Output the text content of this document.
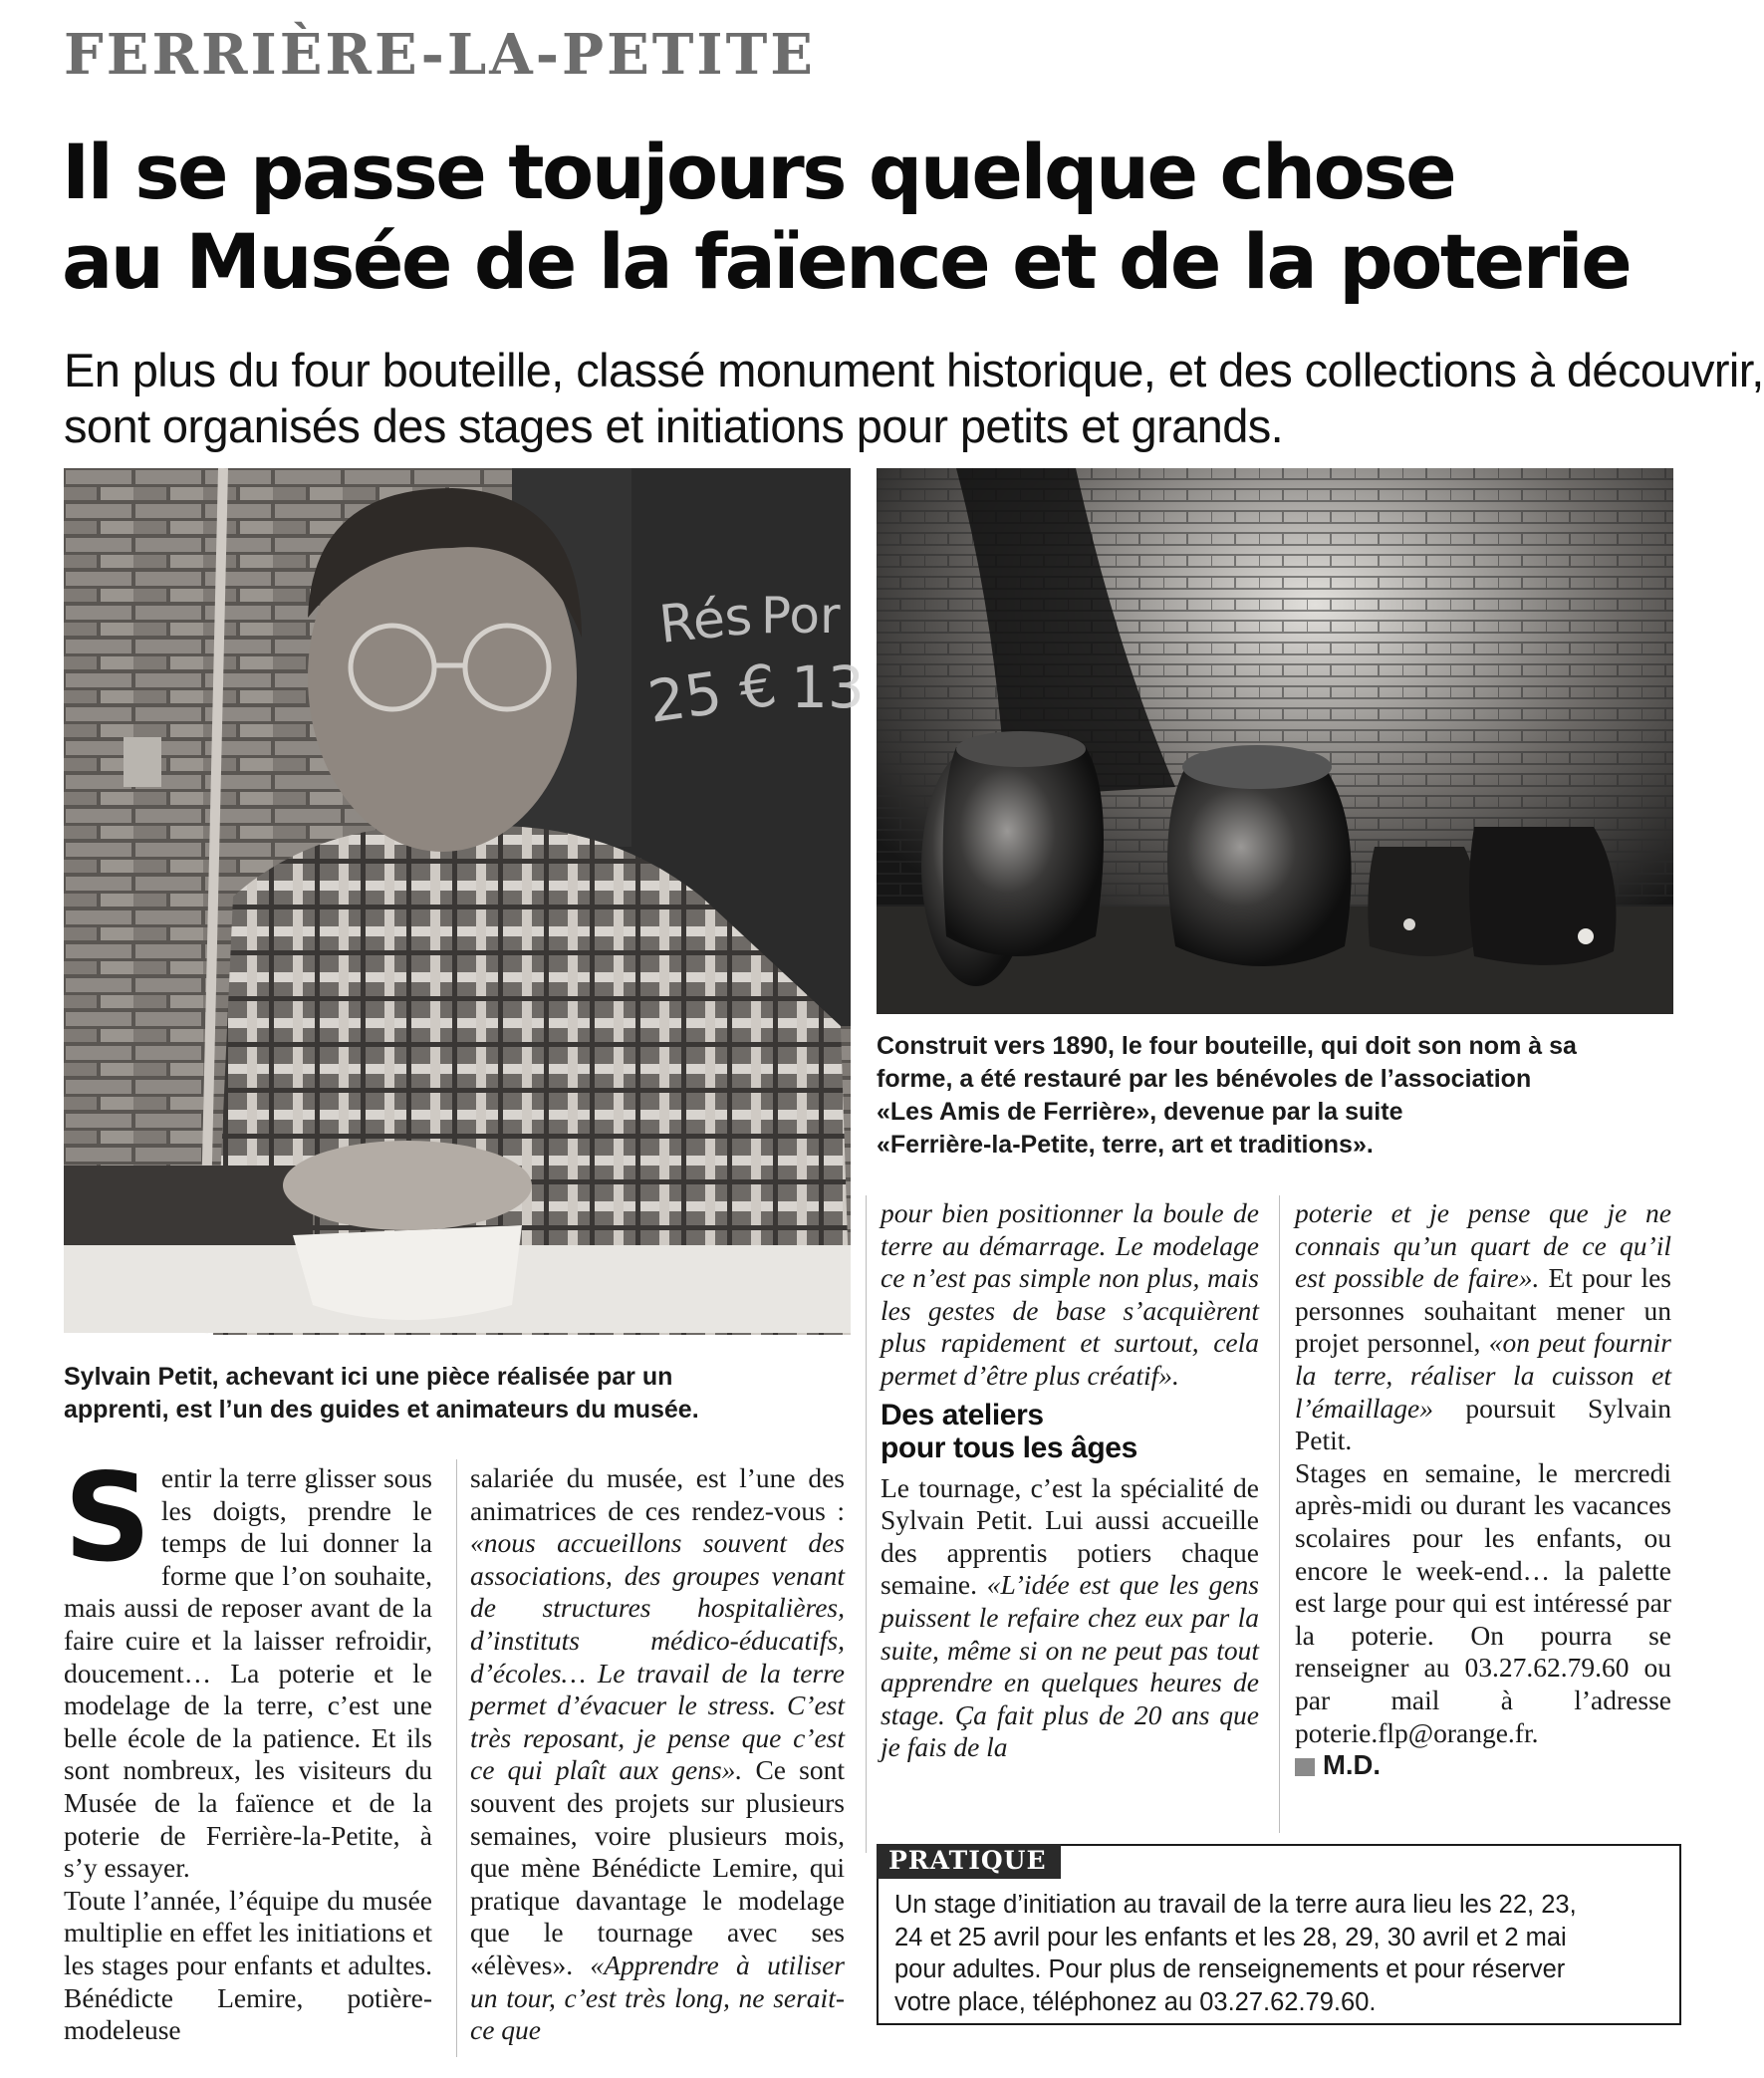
FERRIÈRE-LA-PETITE
Il se passe toujours quelque chose
au Musée de la faïence et de la poterie
En plus du four bouteille, classé monument historique, et des collections à découvrir,
sont organisés des stages et initiations pour petits et grands.
Rés
25 €
Por
13
Sylvain Petit, achevant ici une pièce réalisée par un
apprenti, est l’un des guides et animateurs du musée.
Construit vers 1890, le four bouteille, qui doit son nom à sa
forme, a été restauré par les bénévoles de l’association
«Les Amis de Ferrière», devenue par la suite
«Ferrière-la-Petite, terre, art et traditions».

Sentir la terre glisser sous les doigts, prendre le temps de lui donner la forme que l’on souhaite, mais aussi de reposer avant de la faire cuire et la laisser refroidir, doucement… La poterie et le modelage de la terre, c’est une belle école de la patience. Et ils sont nombreux, les visiteurs du Musée de la faïence et de la poterie de Ferrière-la-Petite, à s’y essayer.

Toute l’année, l’équipe du musée multiplie en effet les initiations et les stages pour enfants et adultes. Bénédicte Lemire, potière-modeleuse

salariée du musée, est l’une des animatrices de ces rendez-vous : «nous accueillons souvent des associations, des groupes venant de structures hospitalières, d’instituts médico-éducatifs, d’écoles… Le travail de la terre permet d’évacuer le stress. C’est très reposant, je pense que c’est ce qui plaît aux gens». Ce sont souvent des projets sur plusieurs semaines, voire plusieurs mois, que mène Bénédicte Lemire, qui pratique davantage le modelage que le tournage avec ses «élèves». «Apprendre à utiliser un tour, c’est très long, ne serait-ce que

pour bien positionner la boule de terre au démarrage. Le modelage ce n’est pas simple non plus, mais les gestes de base s’acquièrent plus rapidement et surtout, cela permet d’être plus créatif».

Des ateliers
pour tous les âges

Le tournage, c’est la spécialité de Sylvain Petit. Lui aussi accueille des apprentis potiers chaque semaine. «L’idée est que les gens puissent le refaire chez eux par la suite, même si on ne peut pas tout apprendre en quelques heures de stage. Ça fait plus de 20 ans que je fais de la

poterie et je pense que je ne connais qu’un quart de ce qu’il est possible de faire». Et pour les personnes souhaitant mener un projet personnel, «on peut fournir la terre, réaliser la cuisson et l’émaillage» poursuit Sylvain Petit.

Stages en semaine, le mercredi après-midi ou durant les vacances scolaires pour les enfants, ou encore le week-end… la palette est large pour qui est intéressé par la poterie. On pourra se renseigner au 03.27.62.79.60 ou par mail à l’adresse poterie.flp@orange.fr.

M.D.

PRATIQUE
Un stage d’initiation au travail de la terre aura lieu les 22, 23,
24 et 25 avril pour les enfants et les 28, 29, 30 avril et 2 mai
pour adultes. Pour plus de renseignements et pour réserver
votre place, téléphonez au 03.27.62.79.60.
